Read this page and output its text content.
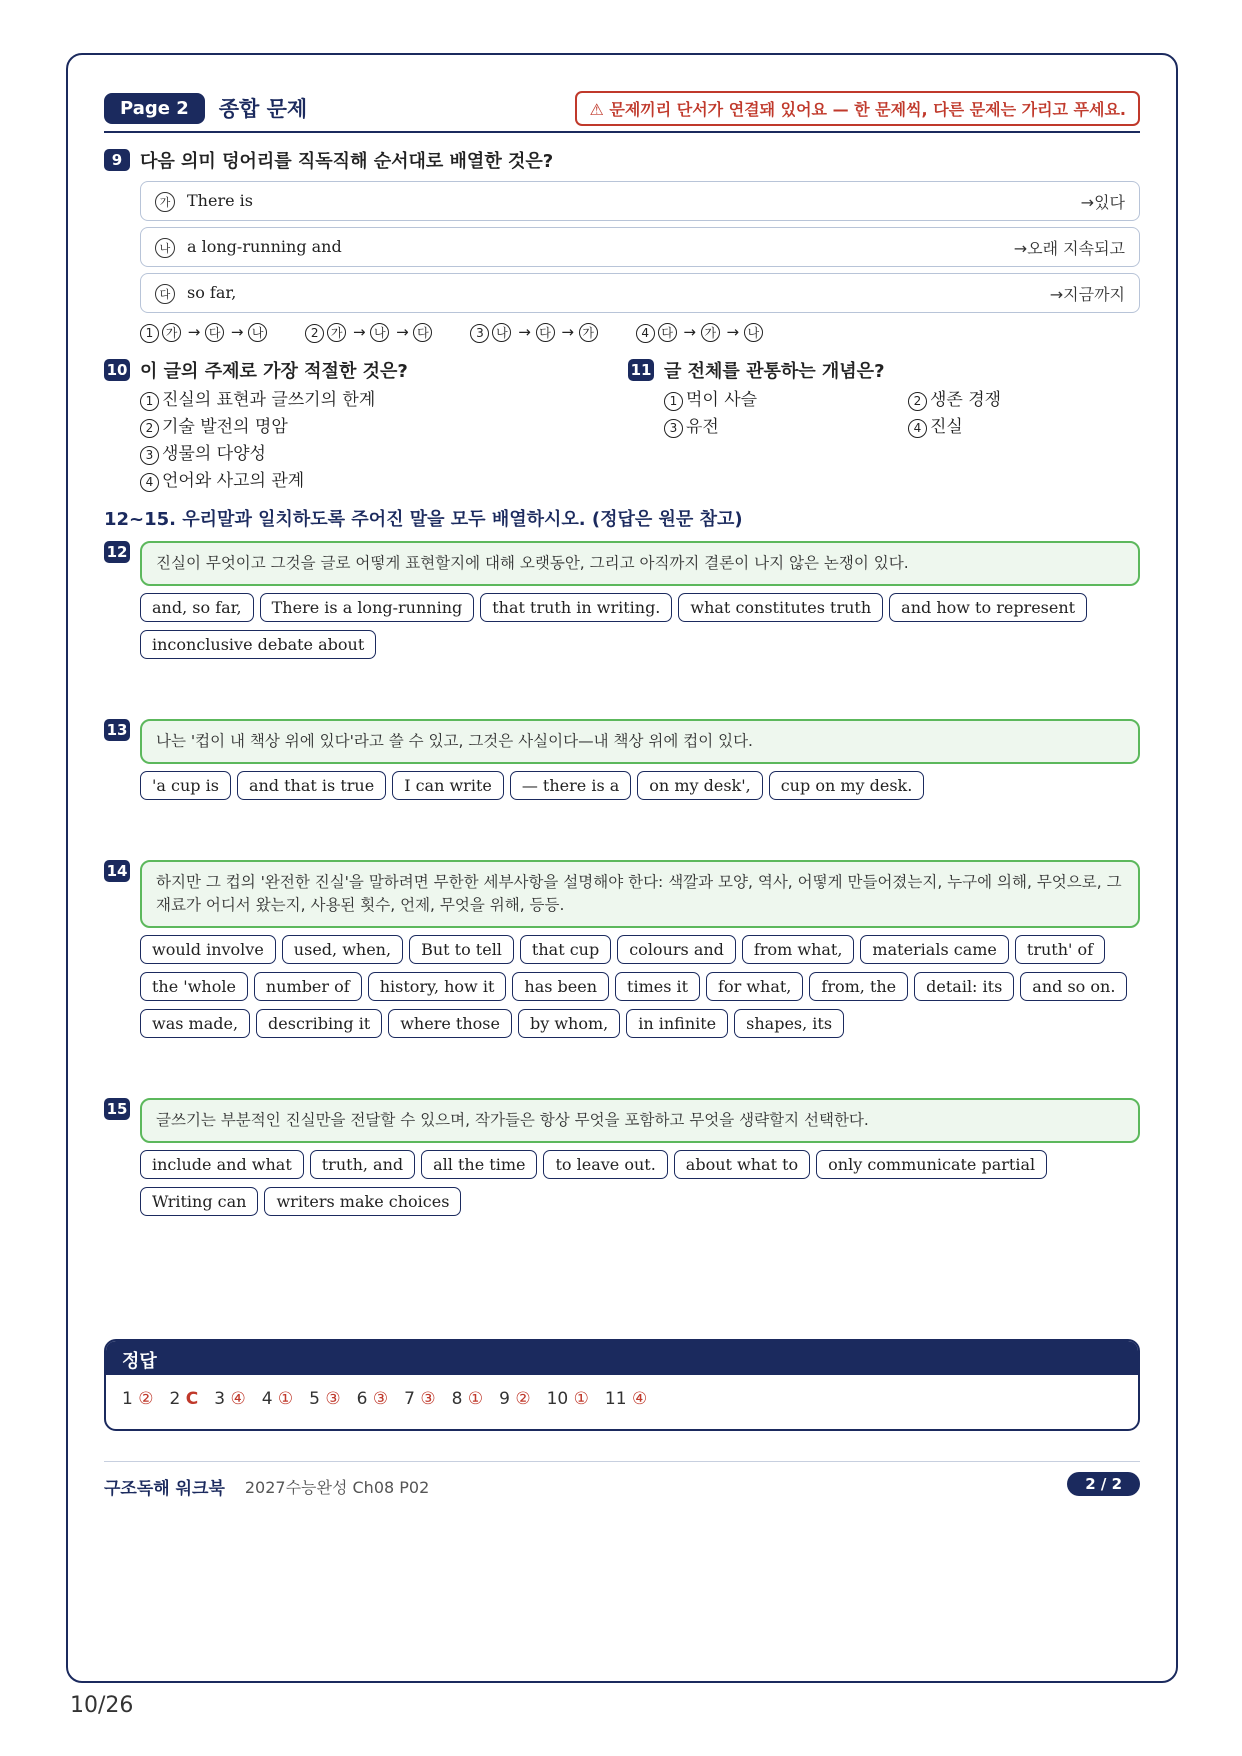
Page 2	종합 문제	⚠ 문제끼리 단서가 연결돼 있어요 — 한 문제씩, 다른 문제는 가리고 푸세요.
9 다음 의미 덩어리를 직독직해 순서대로 배열한 것은?
가 There is	→있다
나 a long-running and	→오래 지속되고
다 so far,	→지금까지
1 가 → 다 → 나	2 가 → 나 → 다	3 나 → 다 → 가	4 다 → 가 → 나
10 이 글의 주제로 가장 적절한 것은?
1 진실의 표현과 글쓰기의 한계
2 기술 발전의 명암
3 생물의 다양성
4 언어와 사고의 관계
11 글 전체를 관통하는 개념은?
1 먹이 사슬	2 생존 경쟁
3 유전	4 진실
12~15. 우리말과 일치하도록 주어진 말을 모두 배열하시오. (정답은 원문 참고)
12
진실이 무엇이고 그것을 글로 어떻게 표현할지에 대해 오랫동안, 그리고 아직까지 결론이 나지 않은 논쟁이 있다.
and, so far,	There is a long-running	that truth in writing.	what constitutes truth	and how to represent
inconclusive debate about
13
나는 '컵이 내 책상 위에 있다'라고 쓸 수 있고, 그것은 사실이다—내 책상 위에 컵이 있다.
'a cup is	and that is true	I can write	— there is a	on my desk',	cup on my desk.
14
하지만 그 컵의 '완전한 진실'을 말하려면 무한한 세부사항을 설명해야 한다: 색깔과 모양, 역사, 어떻게 만들어졌는지, 누구에 의해, 무엇으로, 그 재료가 어디서 왔는지, 사용된 횟수, 언제, 무엇을 위해, 등등.
would involve	used, when,	But to tell	that cup	colours and	from what,	materials came	truth' of
the 'whole	number of	history, how it	has been	times it	for what,	from, the	detail: its	and so on.
was made,	describing it	where those	by whom,	in infinite	shapes, its
15
글쓰기는 부분적인 진실만을 전달할 수 있으며, 작가들은 항상 무엇을 포함하고 무엇을 생략할지 선택한다.
include and what	truth, and	all the time	to leave out.	about what to	only communicate partial
Writing can	writers make choices
정답
1 ② 2 C 3 ④ 4 ① 5 ③ 6 ③ 7 ③ 8 ① 9 ② 10 ① 11 ④
구조독해 워크북 2027수능완성 Ch08 P02	2 / 2
10/26
